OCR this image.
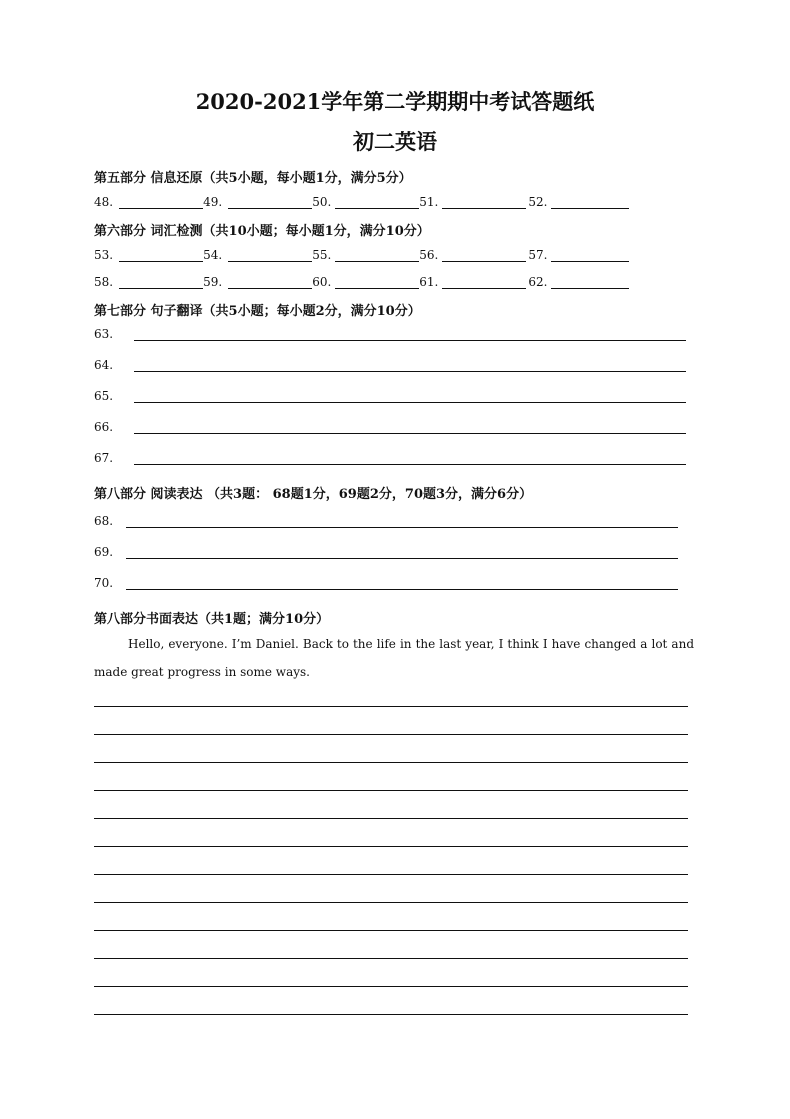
2020-2021学年第二学期期中考试答题纸
初二英语
第五部分 信息还原（共5小题，每小题1分，满分5分）
48.	49.	50.	51.	52.
第六部分 词汇检测（共10小题；每小题1分，满分10分）
53.	54.	55.	56.	57.
58.	59.	60.	61.	62.
第七部分 句子翻译（共5小题；每小题2分，满分10分）
63.
64.
65.
66.
67.
第八部分 阅读表达 （共3题： 68题1分，69题2分，70题3分，满分6分）
68.
69.
70.
第八部分书面表达（共1题；满分10分）
Hello, everyone. I’m Daniel. Back to the life in the last year, I think I have changed a lot and made great progress in some ways.
